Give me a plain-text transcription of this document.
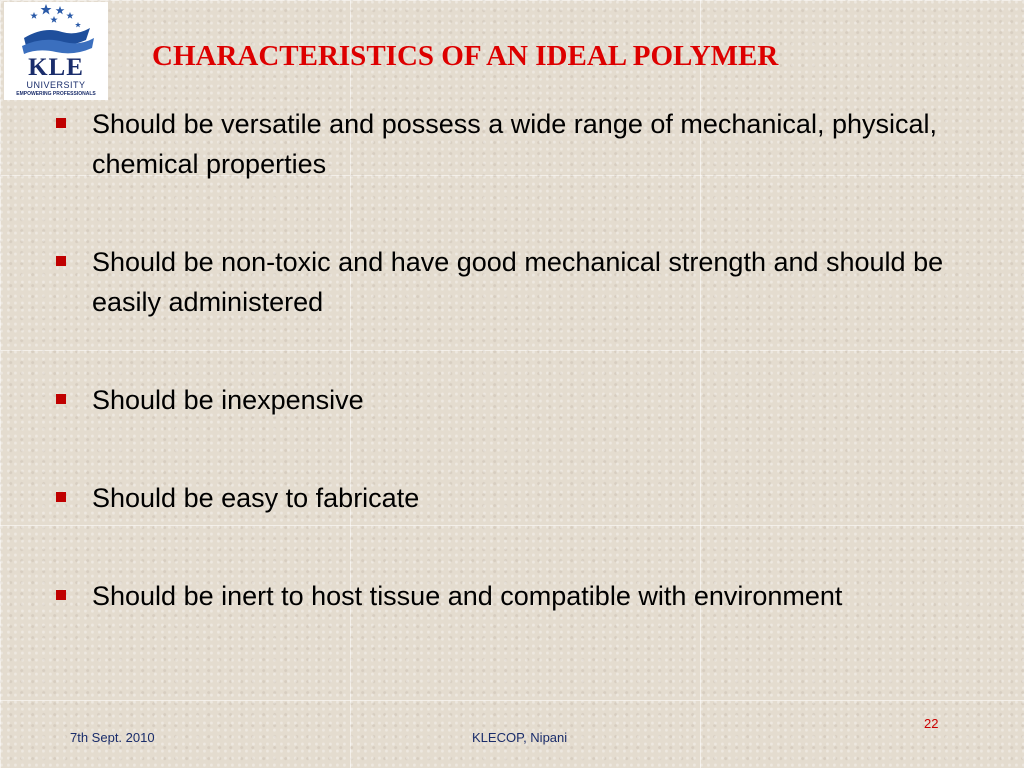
KLE
UNIVERSITY
EMPOWERING PROFESSIONALS
CHARACTERISTICS OF AN IDEAL POLYMER
Should be versatile and possess a wide range of mechanical, physical, chemical properties
Should be non-toxic and have good mechanical strength and should be easily administered
Should be inexpensive
Should be easy to fabricate
Should be inert to host tissue and compatible with environment
7th Sept. 2010	KLECOP, Nipani
22
